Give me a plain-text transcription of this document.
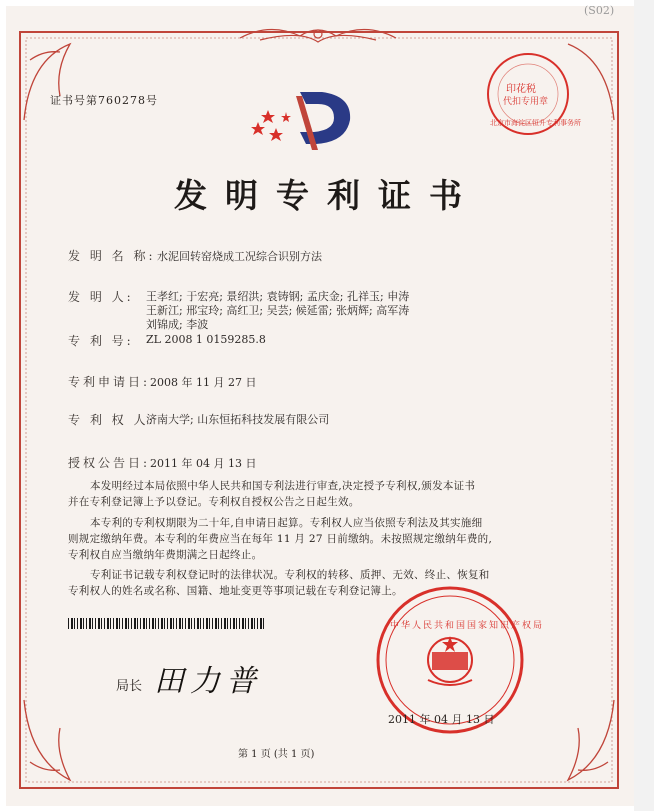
(S02)
证书号第760278号
印花税
代扣专用章
北京市海淀区恒升专利事务所
发明专利证书
发 明 名 称: 水泥回转窑烧成工况综合识别方法
发 明 人: 王孝红; 于宏亮; 景绍洪; 袁铸钢; 孟庆金; 孔祥玉; 申涛
王新江; 邢宝玲; 高红卫; 吴芸; 候延雷; 张炳辉; 高军涛
刘锦成; 李波
专 利 号: ZL 2008 1 0159285.8
专利申请日: 2008 年 11 月 27 日
专 利 权 人:
济南大学; 山东恒拓科技发展有限公司
授权公告日: 2011 年 04 月 13 日
本发明经过本局依照中华人民共和国专利法进行审查,决定授予专利权,颁发本证书
并在专利登记簿上予以登记。专利权自授权公告之日起生效。
本专利的专利权期限为二十年,自申请日起算。专利权人应当依照专利法及其实施细
则规定缴纳年费。本专利的年费应当在每年 11 月 27 日前缴纳。未按照规定缴纳年费的,
专利权自应当缴纳年费期满之日起终止。
专利证书记载专利权登记时的法律状况。专利权的转移、质押、无效、终止、恢复和
专利权人的姓名或名称、国籍、地址变更等事项记载在专利登记簿上。
局长 田力普
中华人民共和国国家知识产权局
2011 年 04 月 13 日
第 1 页 (共 1 页)
